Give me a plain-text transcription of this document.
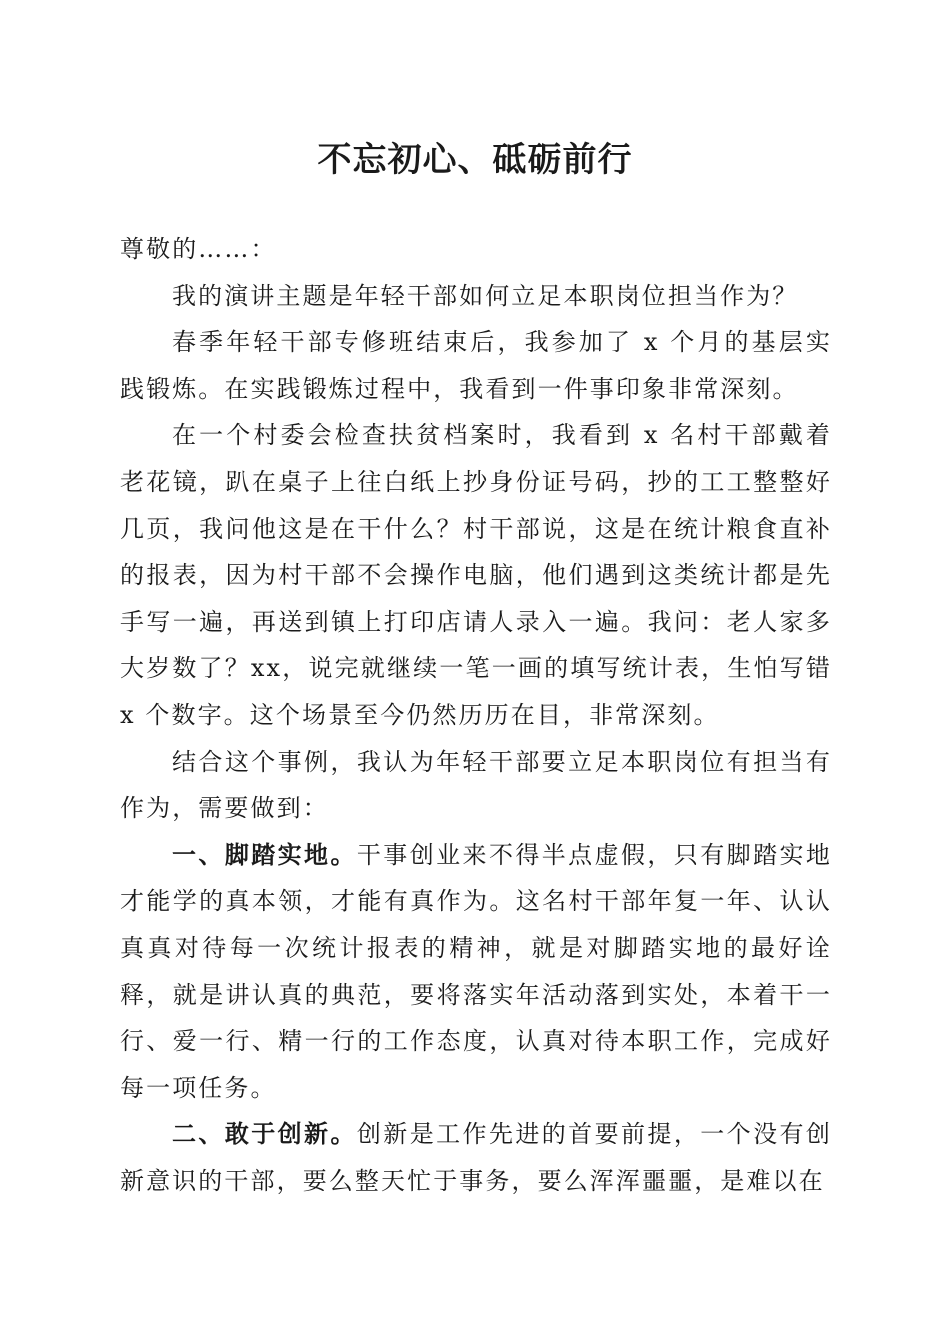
不忘初心、砥砺前行

尊敬的……：

我的演讲主题是年轻干部如何立足本职岗位担当作为？

春季年轻干部专修班结束后，我参加了 x 个月的基层实践锻炼。在实践锻炼过程中，我看到一件事印象非常深刻。

在一个村委会检查扶贫档案时，我看到 x 名村干部戴着老花镜，趴在桌子上往白纸上抄身份证号码，抄的工工整整好几页，我问他这是在干什么？村干部说，这是在统计粮食直补的报表，因为村干部不会操作电脑，他们遇到这类统计都是先手写一遍，再送到镇上打印店请人录入一遍。我问：老人家多大岁数了？xx，说完就继续一笔一画的填写统计表，生怕写错 x 个数字。这个场景至今仍然历历在目，非常深刻。

结合这个事例，我认为年轻干部要立足本职岗位有担当有作为，需要做到：

一、脚踏实地。干事创业来不得半点虚假，只有脚踏实地才能学的真本领，才能有真作为。这名村干部年复一年、认认真真对待每一次统计报表的精神，就是对脚踏实地的最好诠释，就是讲认真的典范，要将落实年活动落到实处，本着干一行、爱一行、精一行的工作态度，认真对待本职工作，完成好每一项任务。

二、敢于创新。创新是工作先进的首要前提，一个没有创新意识的干部，要么整天忙于事务，要么浑浑噩噩，是难以在
